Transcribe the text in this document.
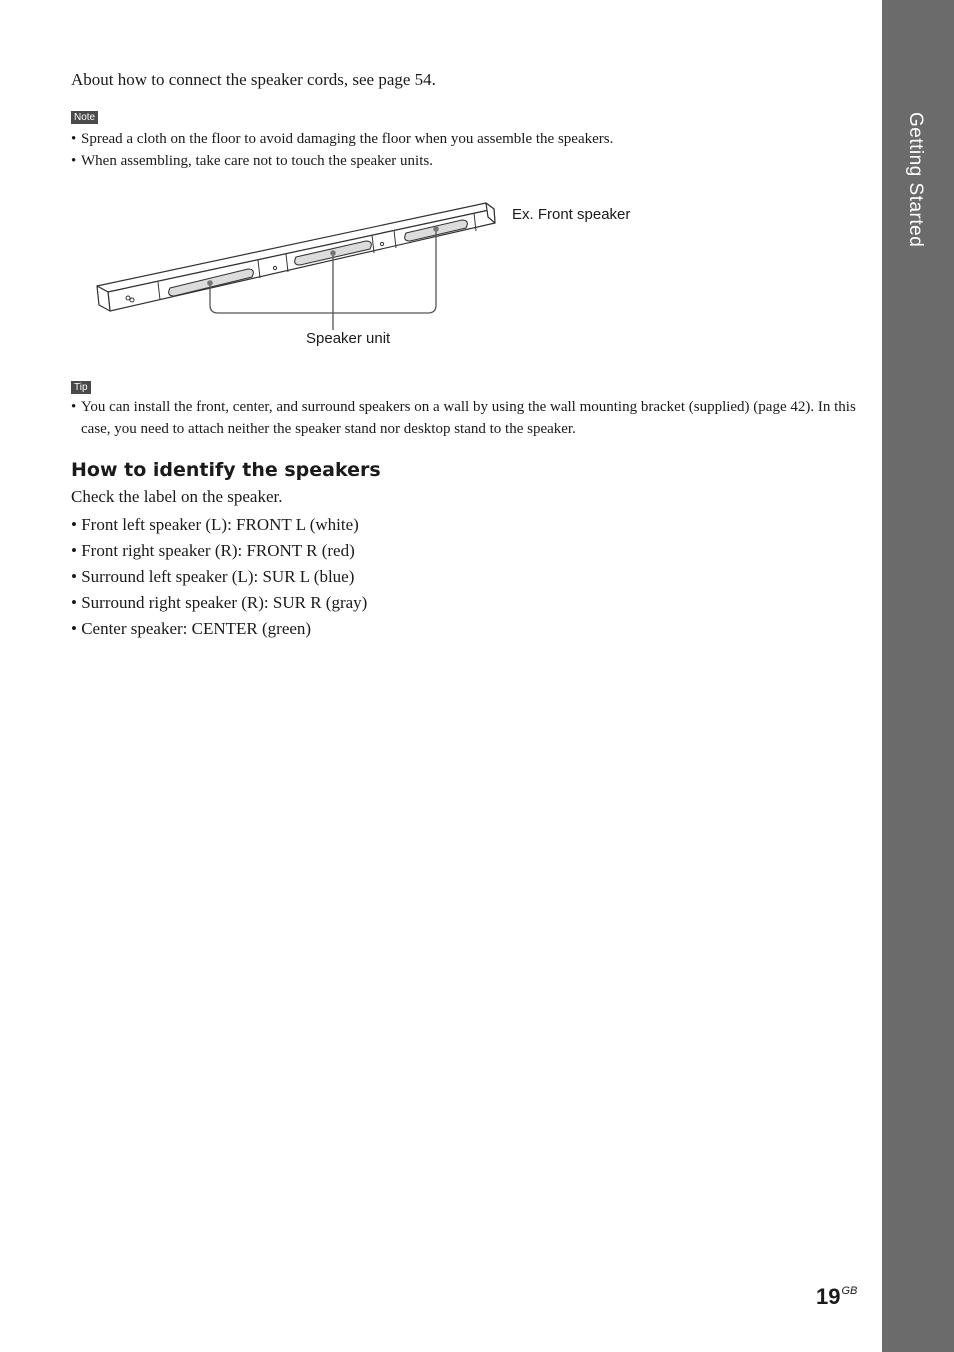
Getting Started
About how to connect the speaker cords, see page 54.
Note
• Spread a cloth on the floor to avoid damaging the floor when you assemble the speakers.
• When assembling, take care not to touch the speaker units.
Ex. Front speaker
Speaker unit
Tip
• You can install the front, center, and surround speakers on a wall by using the wall mounting bracket (supplied) (page 42). In this case, you need to attach neither the speaker stand nor desktop stand to the speaker.
How to identify the speakers
Check the label on the speaker.
• Front left speaker (L): FRONT L (white)
• Front right speaker (R): FRONT R (red)
• Surround left speaker (L): SUR L (blue)
• Surround right speaker (R): SUR R (gray)
• Center speaker: CENTER (green)
$19^{GB}$
